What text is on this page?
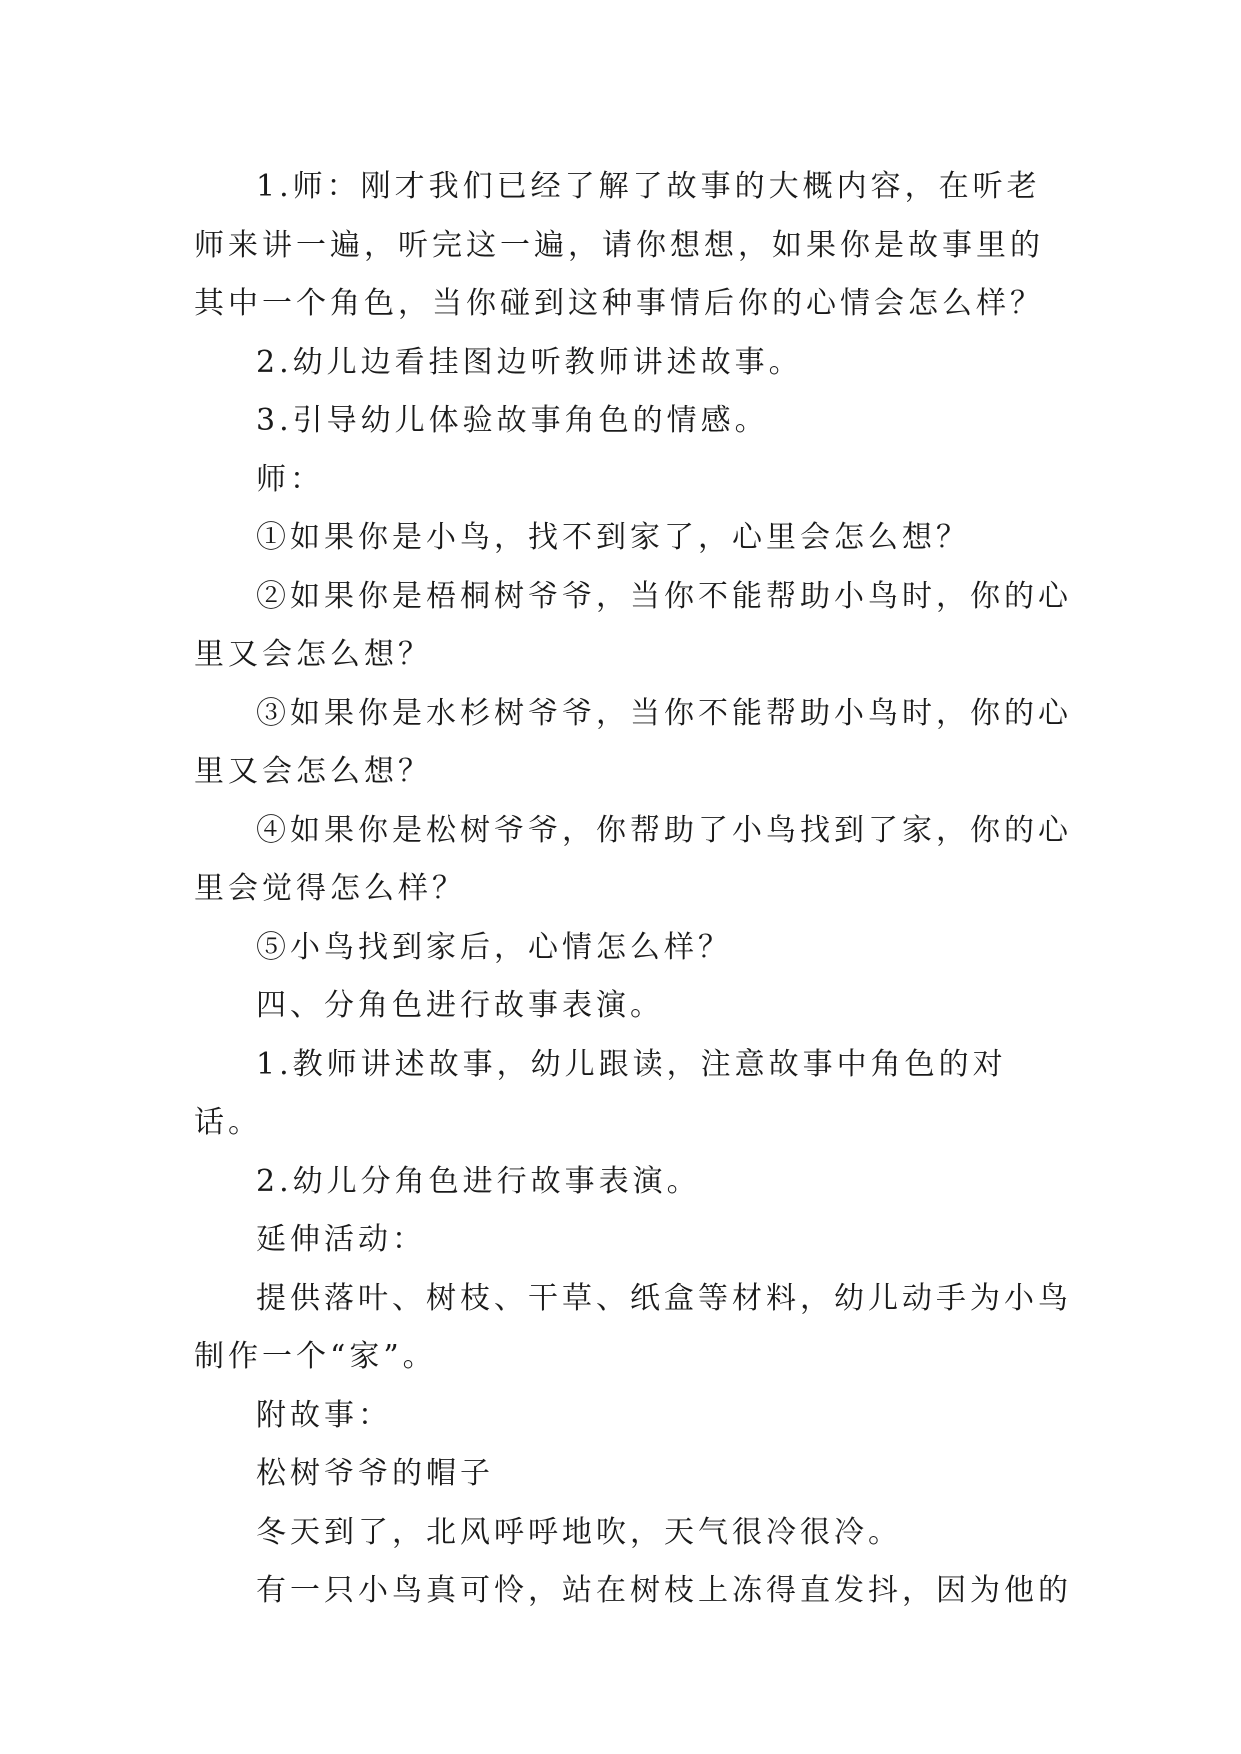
1.师：刚才我们已经了解了故事的大概内容，在听老师来讲一遍，听完这一遍，请你想想，如果你是故事里的其中一个角色，当你碰到这种事情后你的心情会怎么样？

2.幼儿边看挂图边听教师讲述故事。

3.引导幼儿体验故事角色的情感。

师：

①如果你是小鸟，找不到家了，心里会怎么想？

②如果你是梧桐树爷爷，当你不能帮助小鸟时，你的心里又会怎么想？

③如果你是水杉树爷爷，当你不能帮助小鸟时，你的心里又会怎么想？

④如果你是松树爷爷，你帮助了小鸟找到了家，你的心里会觉得怎么样？

⑤小鸟找到家后，心情怎么样？

四、分角色进行故事表演。

1.教师讲述故事，幼儿跟读，注意故事中角色的对话。

2.幼儿分角色进行故事表演。

延伸活动：

提供落叶、树枝、干草、纸盒等材料，幼儿动手为小鸟制作一个“家”。

附故事：

松树爷爷的帽子

冬天到了，北风呼呼地吹，天气很冷很冷。

有一只小鸟真可怜，站在树枝上冻得直发抖，因为他的
